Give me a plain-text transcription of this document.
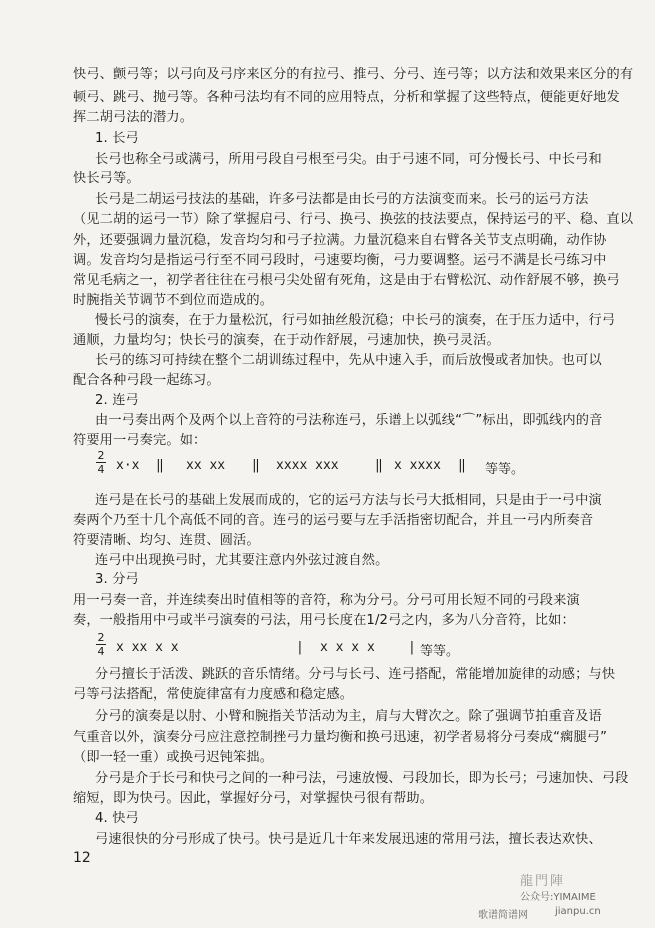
快弓、颤弓等；以弓向及弓序来区分的有拉弓、推弓、分弓、连弓等；以方法和效果来区分的有
顿弓、跳弓、抛弓等。各种弓法均有不同的应用特点，分析和掌握了这些特点，便能更好地发
挥二胡弓法的潜力。
1. 长弓
长弓也称全弓或满弓，所用弓段自弓根至弓尖。由于弓速不同，可分慢长弓、中长弓和
快长弓等。
长弓是二胡运弓技法的基础，许多弓法都是由长弓的方法演变而来。长弓的运弓方法
（见二胡的运弓一节）除了掌握启弓、行弓、换弓、换弦的技法要点，保持运弓的平、稳、直以
外，还要强调力量沉稳，发音均匀和弓子拉满。力量沉稳来自右臂各关节支点明确，动作协
调。发音均匀是指运弓行至不同弓段时，弓速要均衡，弓力要调整。运弓不满是长弓练习中
常见毛病之一，初学者往往在弓根弓尖处留有死角，这是由于右臂松沉、动作舒展不够，换弓
时腕指关节调节不到位而造成的。
慢长弓的演奏，在于力量松沉，行弓如抽丝般沉稳；中长弓的演奏，在于压力适中，行弓
通顺，力量均匀；快长弓的演奏，在于动作舒展，弓速加快，换弓灵活。
长弓的练习可持续在整个二胡训练过程中，先从中速入手，而后放慢或者加快。也可以
配合各种弓段一起练习。
2. 连弓
由一弓奏出两个及两个以上音符的弓法称连弓，乐谱上以弧线“⌒”标出，即弧线内的音
符要用一弓奏完。如：
2
4 x·x ‖ xx xx ‖ xxxx xxx	‖ x xxxx ‖ 等等。
连弓是在长弓的基础上发展而成的，它的运弓方法与长弓大抵相同，只是由于一弓中演
奏两个乃至十几个高低不同的音。连弓的运弓要与左手活指密切配合，并且一弓内所奏音
符要清晰、均匀、连贯、圆活。
连弓中出现换弓时，尤其要注意内外弦过渡自然。
3. 分弓
用一弓奏一音，并连续奏出时值相等的音符，称为分弓。分弓可用长短不同的弓段来演
奏，一般指用中弓或半弓演奏的弓法，用弓长度在1/2弓之内，多为八分音符，比如：
2
4 x xx x x	| x x x x	| 等等。
分弓擅长于活泼、跳跃的音乐情绪。分弓与长弓、连弓搭配，常能增加旋律的动感；与快
弓等弓法搭配，常使旋律富有力度感和稳定感。
分弓的演奏是以肘、小臂和腕指关节活动为主，肩与大臂次之。除了强调节拍重音及语
气重音以外，演奏分弓应注意控制挫弓力量均衡和换弓迅速，初学者易将分弓奏成“瘸腿弓”
（即一轻一重）或换弓迟钝笨拙。
分弓是介于长弓和快弓之间的一种弓法，弓速放慢、弓段加长，即为长弓；弓速加快、弓段
缩短，即为快弓。因此，掌握好分弓，对掌握快弓很有帮助。
4. 快弓
弓速很快的分弓形成了快弓。快弓是近几十年来发展迅速的常用弓法，擅长表达欢快、
12
龍門陣
公众号:YIMAIME
歌谱简谱网	jianpu.cn
